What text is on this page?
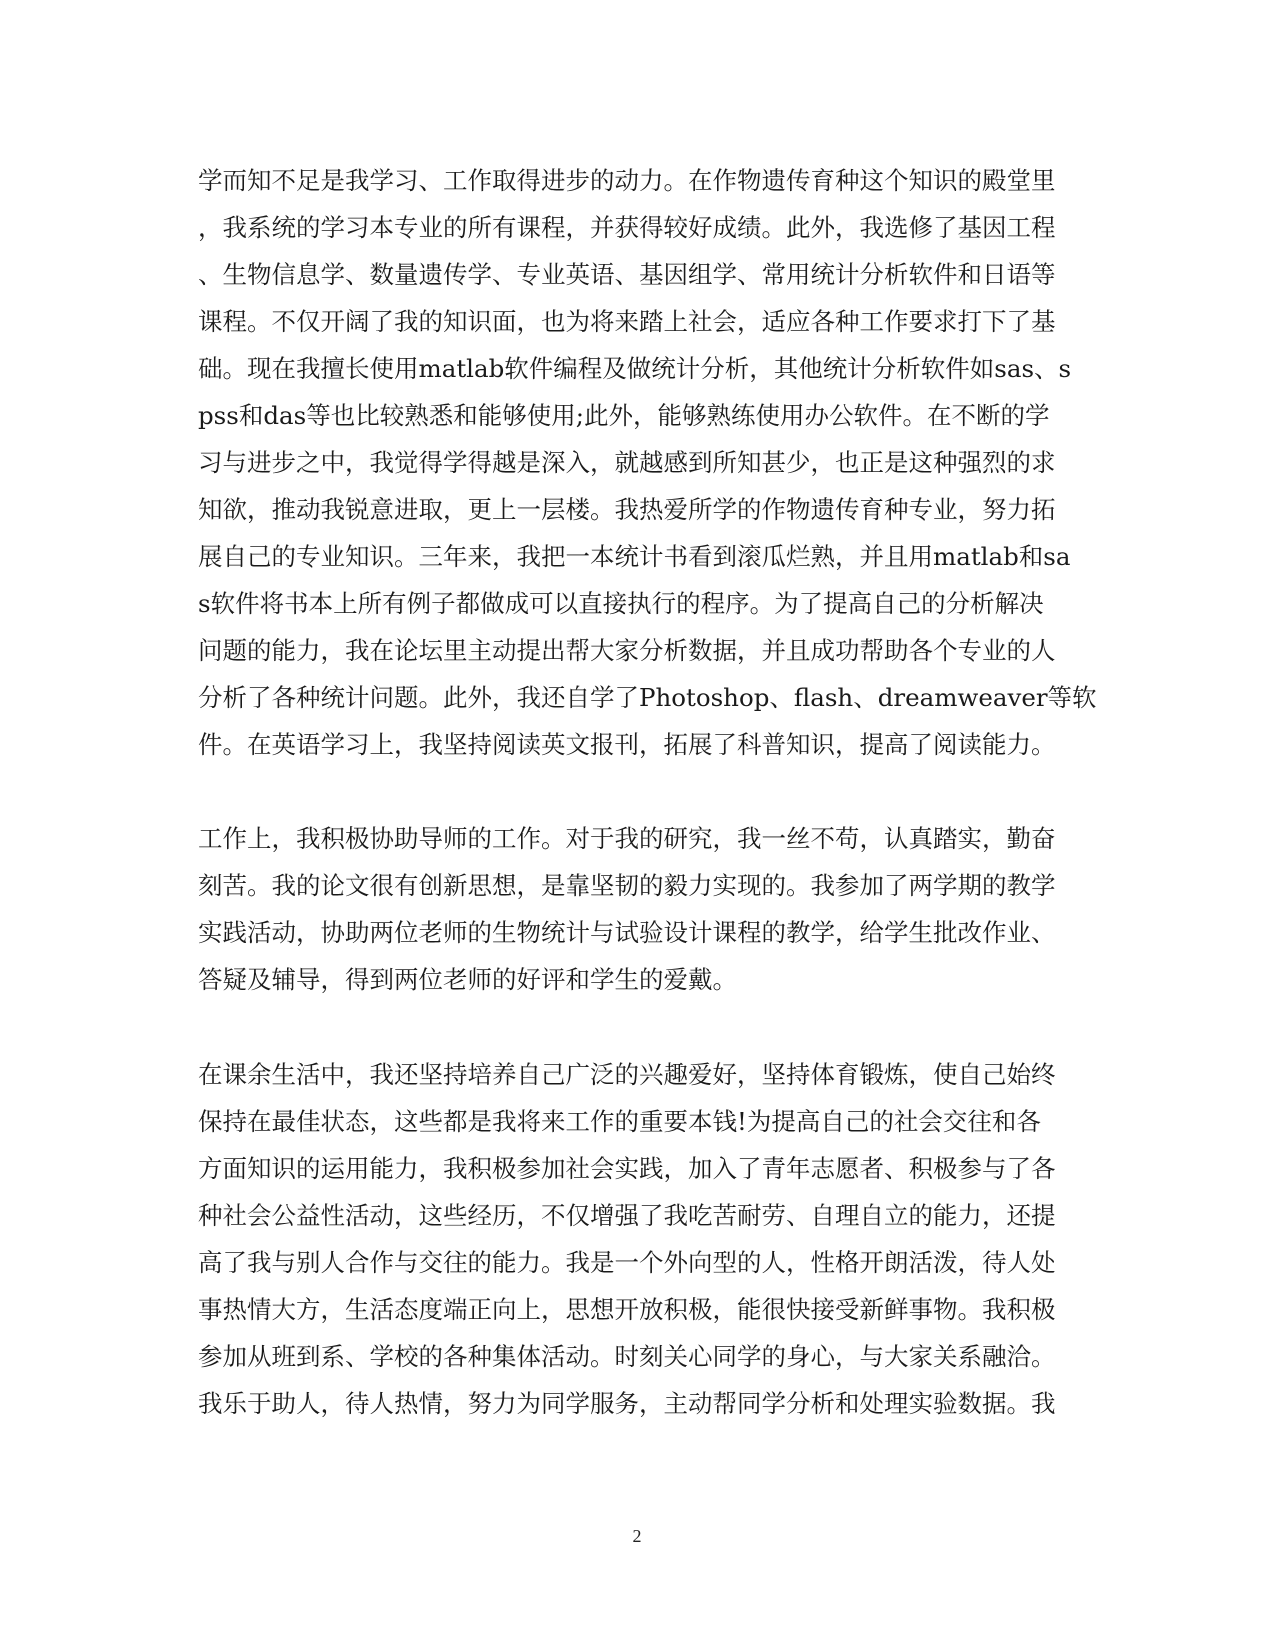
学而知不足是我学习、工作取得进步的动力。在作物遗传育种这个知识的殿堂里
，我系统的学习本专业的所有课程，并获得较好成绩。此外，我选修了基因工程
、生物信息学、数量遗传学、专业英语、基因组学、常用统计分析软件和日语等
课程。不仅开阔了我的知识面，也为将来踏上社会，适应各种工作要求打下了基
础。现在我擅长使用matlab软件编程及做统计分析，其他统计分析软件如sas、s
pss和das等也比较熟悉和能够使用;此外，能够熟练使用办公软件。在不断的学
习与进步之中，我觉得学得越是深入，就越感到所知甚少，也正是这种强烈的求
知欲，推动我锐意进取，更上一层楼。我热爱所学的作物遗传育种专业，努力拓
展自己的专业知识。三年来，我把一本统计书看到滚瓜烂熟，并且用matlab和sa
s软件将书本上所有例子都做成可以直接执行的程序。为了提高自己的分析解决
问题的能力，我在论坛里主动提出帮大家分析数据，并且成功帮助各个专业的人
分析了各种统计问题。此外，我还自学了Photoshop、flash、dreamweaver等软
件。在英语学习上，我坚持阅读英文报刊，拓展了科普知识，提高了阅读能力。
工作上，我积极协助导师的工作。对于我的研究，我一丝不苟，认真踏实，勤奋
刻苦。我的论文很有创新思想，是靠坚韧的毅力实现的。我参加了两学期的教学
实践活动，协助两位老师的生物统计与试验设计课程的教学，给学生批改作业、
答疑及辅导，得到两位老师的好评和学生的爱戴。
在课余生活中，我还坚持培养自己广泛的兴趣爱好，坚持体育锻炼，使自己始终
保持在最佳状态，这些都是我将来工作的重要本钱!为提高自己的社会交往和各
方面知识的运用能力，我积极参加社会实践，加入了青年志愿者、积极参与了各
种社会公益性活动，这些经历，不仅增强了我吃苦耐劳、自理自立的能力，还提
高了我与别人合作与交往的能力。我是一个外向型的人，性格开朗活泼，待人处
事热情大方，生活态度端正向上，思想开放积极，能很快接受新鲜事物。我积极
参加从班到系、学校的各种集体活动。时刻关心同学的身心，与大家关系融洽。
我乐于助人，待人热情，努力为同学服务，主动帮同学分析和处理实验数据。我
2
